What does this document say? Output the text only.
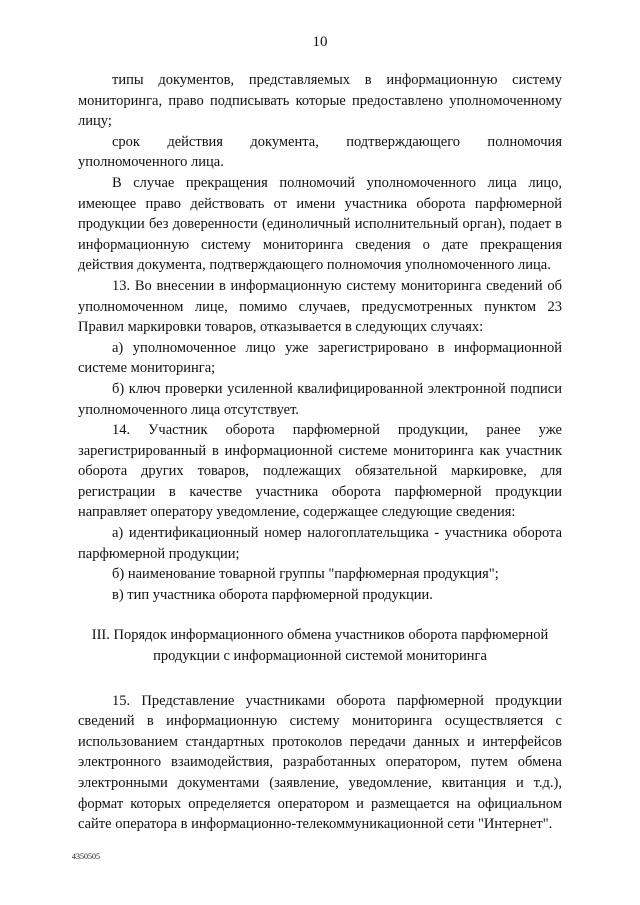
10

типы документов, представляемых в информационную систему мониторинга, право подписывать которые предоставлено уполномоченному лицу;

срок действия документа, подтверждающего полномочия уполномоченного лица.

В случае прекращения полномочий уполномоченного лица лицо, имеющее право действовать от имени участника оборота парфюмерной продукции без доверенности (единоличный исполнительный орган), подает в информационную систему мониторинга сведения о дате прекращения действия документа, подтверждающего полномочия уполномоченного лица.

13. Во внесении в информационную систему мониторинга сведений об уполномоченном лице, помимо случаев, предусмотренных пунктом 23 Правил маркировки товаров, отказывается в следующих случаях:

а) уполномоченное лицо уже зарегистрировано в информационной системе мониторинга;

б) ключ проверки усиленной квалифицированной электронной подписи уполномоченного лица отсутствует.

14. Участник оборота парфюмерной продукции, ранее уже зарегистрированный в информационной системе мониторинга как участник оборота других товаров, подлежащих обязательной маркировке, для регистрации в качестве участника оборота парфюмерной продукции направляет оператору уведомление, содержащее следующие сведения:

а) идентификационный номер налогоплательщика - участника оборота парфюмерной продукции;

б) наименование товарной группы "парфюмерная продукция";

в) тип участника оборота парфюмерной продукции.

III. Порядок информационного обмена участников оборота парфюмерной
продукции с информационной системой мониторинга

15. Представление участниками оборота парфюмерной продукции сведений в информационную систему мониторинга осуществляется с использованием стандартных протоколов передачи данных и интерфейсов электронного взаимодействия, разработанных оператором, путем обмена электронными документами (заявление, уведомление, квитанция и т.д.), формат которых определяется оператором и размещается на официальном сайте оператора в информационно-телекоммуникационной сети "Интернет".

4350505
